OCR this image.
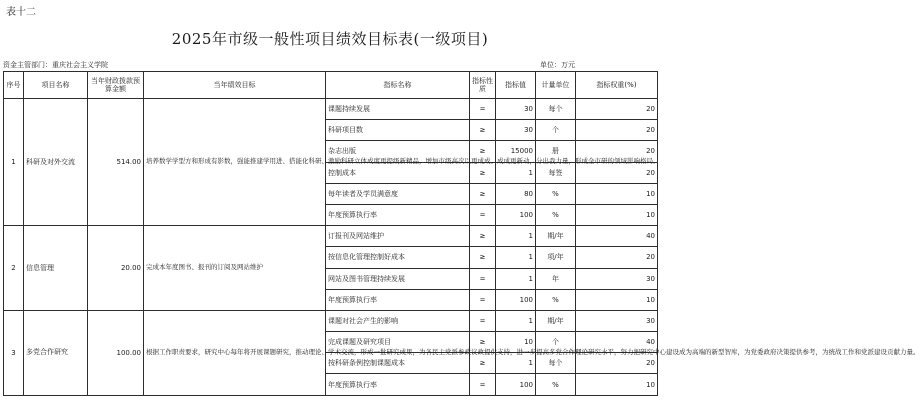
表十二
2025年市级一般性项目绩效目标表(一级项目)
资金主管部门：重庆社会主义学院	单位：万元
序号	项目名称	当年财政拨款预算金额	当年绩效目标	指标名称	指标性质	指标值	计量单位	指标权重(%)
1	科研及对外交流	514.00	培养数学学型方和形成有影数，强能推建学用进、搭能化科研、激励科研立体成度更提级新精品，增加市级高次以更成成、成成更新动，分出我力量，形成全市研的领域影响格局。	课题持续发展	=	30	每个	20
				科研项目数	≥	30	个	20
				杂志出版	≥	15000	册	20
				控制成本	≥	1	每签	20
				每年读者及学员满意度	≥	80	%	10
				年度预算执行率	=	100	%	10
2	信息管理	20.00	完成本年度图书、报刊的订阅及网站维护	订报刊及网站维护	≥	1	期/年	40
				按信息化管理控制好成本	≥	1	项/年	20
				网站及图书管理持续发展	=	1	年	30
				年度预算执行率	=	100	%	10
3	多党合作研究	100.00	根据工作职责要求，研究中心每年将开展课题研究，推动理论、学术交流，形成一批研究成果，为各民主党派参政议政提供支持，进一步提高多党合作理论研究水平，努力把研究中心建设成为高端的新型智库，为党委政府决策提供参考，为统战工作和党派建设贡献力量。	课题对社会产生的影响	=	1	期/年	30
				完成课题及研究项目	≥	10	个	40
				按科研条例控制课题成本	≥	1	每个	20
				年度预算执行率	=	100	%	10
